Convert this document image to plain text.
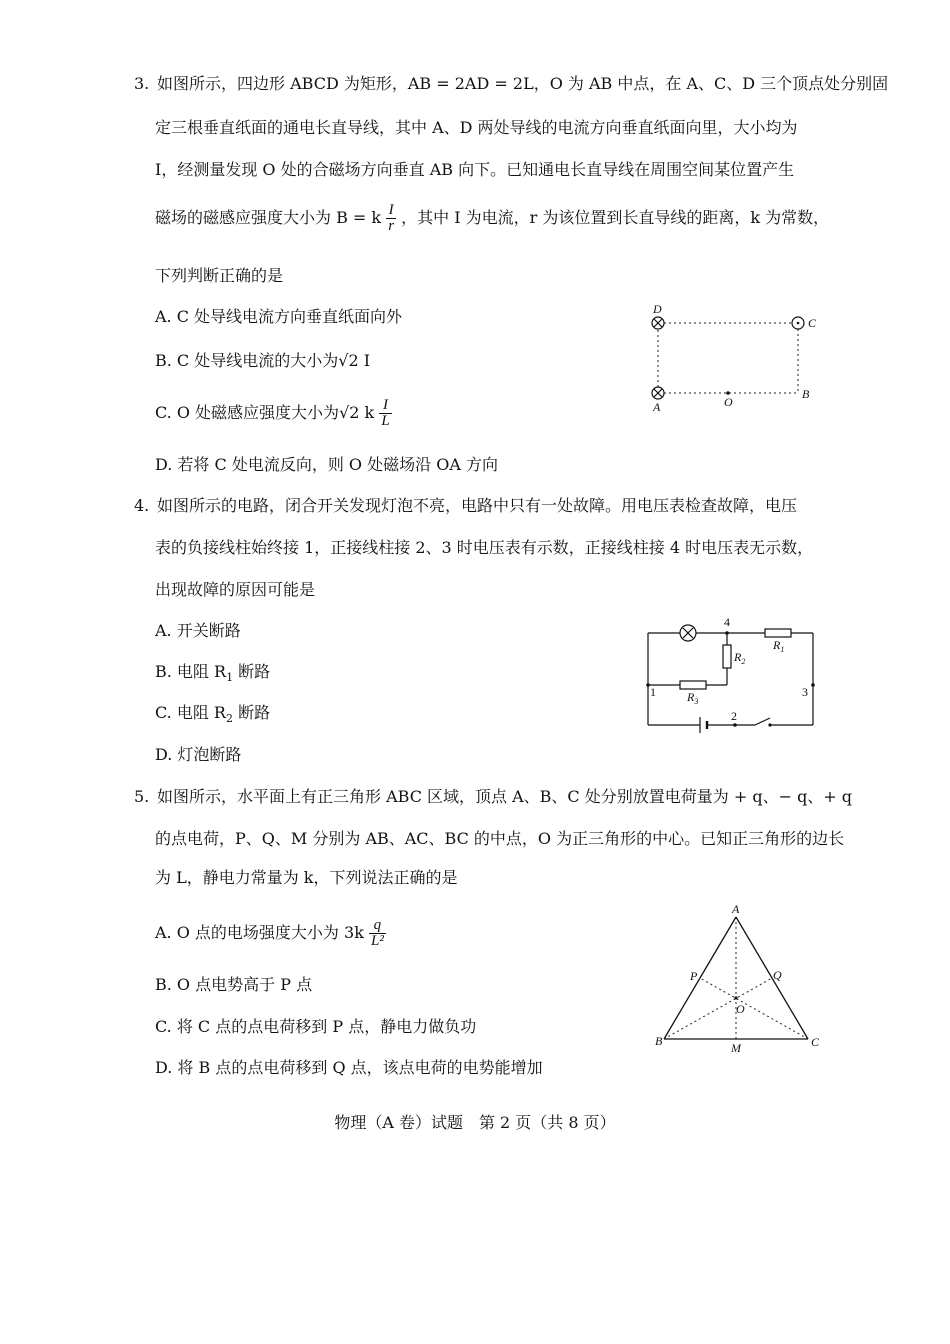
3. 如图所示，四边形 ABCD 为矩形，AB = 2AD = 2L，O 为 AB 中点，在 A、C、D 三个顶点处分别固
定三根垂直纸面的通电长直导线，其中 A、D 两处导线的电流方向垂直纸面向里，大小均为
I，经测量发现 O 处的合磁场方向垂直 AB 向下。已知通电长直导线在周围空间某位置产生
磁场的磁感应强度大小为 B = k $\frac{I}{r}$ ，其中 I 为电流，r 为该位置到长直导线的距离，k 为常数，
下列判断正确的是
A. C 处导线电流方向垂直纸面向外
B. C 处导线电流的大小为√2 I
C. O 处磁感应强度大小为√2 k $\frac{I}{L}$
D. 若将 C 处电流反向，则 O 处磁场沿 OA 方向
D
C
A	O
B
4. 如图所示的电路，闭合开关发现灯泡不亮，电路中只有一处故障。用电压表检查故障，电压
表的负接线柱始终接 1，正接线柱接 2、3 时电压表有示数，正接线柱接 4 时电压表无示数，
出现故障的原因可能是
A. 开关断路
B. 电阻 $R_1$ 断路
C. 电阻 $R_2$ 断路
D. 灯泡断路
4
1	3
2
$R_1$
$R_2$
$R_3$
5. 如图所示，水平面上有正三角形 ABC 区域，顶点 A、B、C 处分别放置电荷量为 + q、− q、+ q
的点电荷，P、Q、M 分别为 AB、AC、BC 的中点，O 为正三角形的中心。已知正三角形的边长
为 L，静电力常量为 k，下列说法正确的是
A. O 点的电场强度大小为 $3k \frac{q}{\text{L²}}$
B. O 点电势高于 P 点
C. 将 C 点的点电荷移到 P 点，静电力做负功
D. 将 B 点的点电荷移到 Q 点，该点电荷的电势能增加
A
B	C
P	Q
M
O
物理（A 卷）试题　第 2 页（共 8 页）
